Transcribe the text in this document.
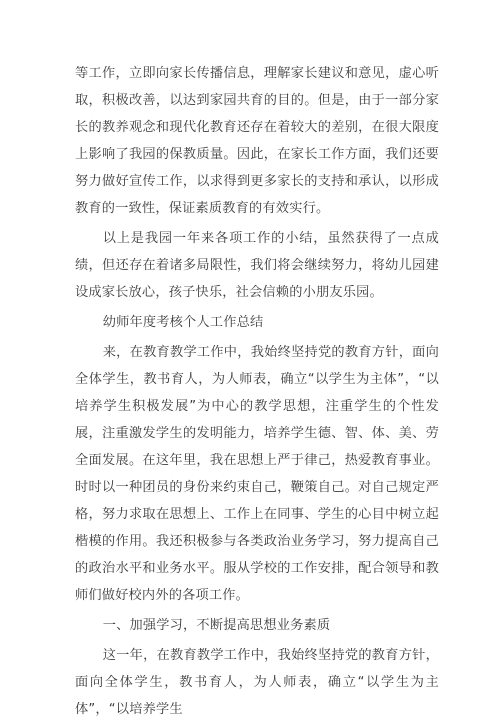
等工作，立即向家长传播信息，理解家长建议和意见，虚心听取，积极改善，以达到家园共育的目的。但是，由于一部分家长的教养观念和现代化教育还存在着较大的差别，在很大限度上影响了我园的保教质量。因此，在家长工作方面，我们还要努力做好宣传工作，以求得到更多家长的支持和承认，以形成教育的一致性，保证素质教育的有效实行。

以上是我园一年来各项工作的小结，虽然获得了一点成绩，但还存在着诸多局限性，我们将会继续努力，将幼儿园建设成家长放心，孩子快乐，社会信赖的小朋友乐园。

幼师年度考核个人工作总结

来，在教育教学工作中，我始终坚持党的教育方针，面向全体学生，教书育人，为人师表，确立“以学生为主体”，“以培养学生积极发展”为中心的教学思想，注重学生的个性发展，注重激发学生的发明能力，培养学生德、智、体、美、劳全面发展。在这年里，我在思想上严于律己，热爱教育事业。时时以一种团员的身份来约束自己，鞭策自己。对自己规定严格，努力求取在思想上、工作上在同事、学生的心目中树立起楷模的作用。我还积极参与各类政治业务学习，努力提高自己的政治水平和业务水平。服从学校的工作安排，配合领导和教师们做好校内外的各项工作。

一、加强学习，不断提高思想业务素质

这一年，在教育教学工作中，我始终坚持党的教育方针，面向全体学生，教书育人，为人师表，确立“以学生为主体”，“以培养学生
